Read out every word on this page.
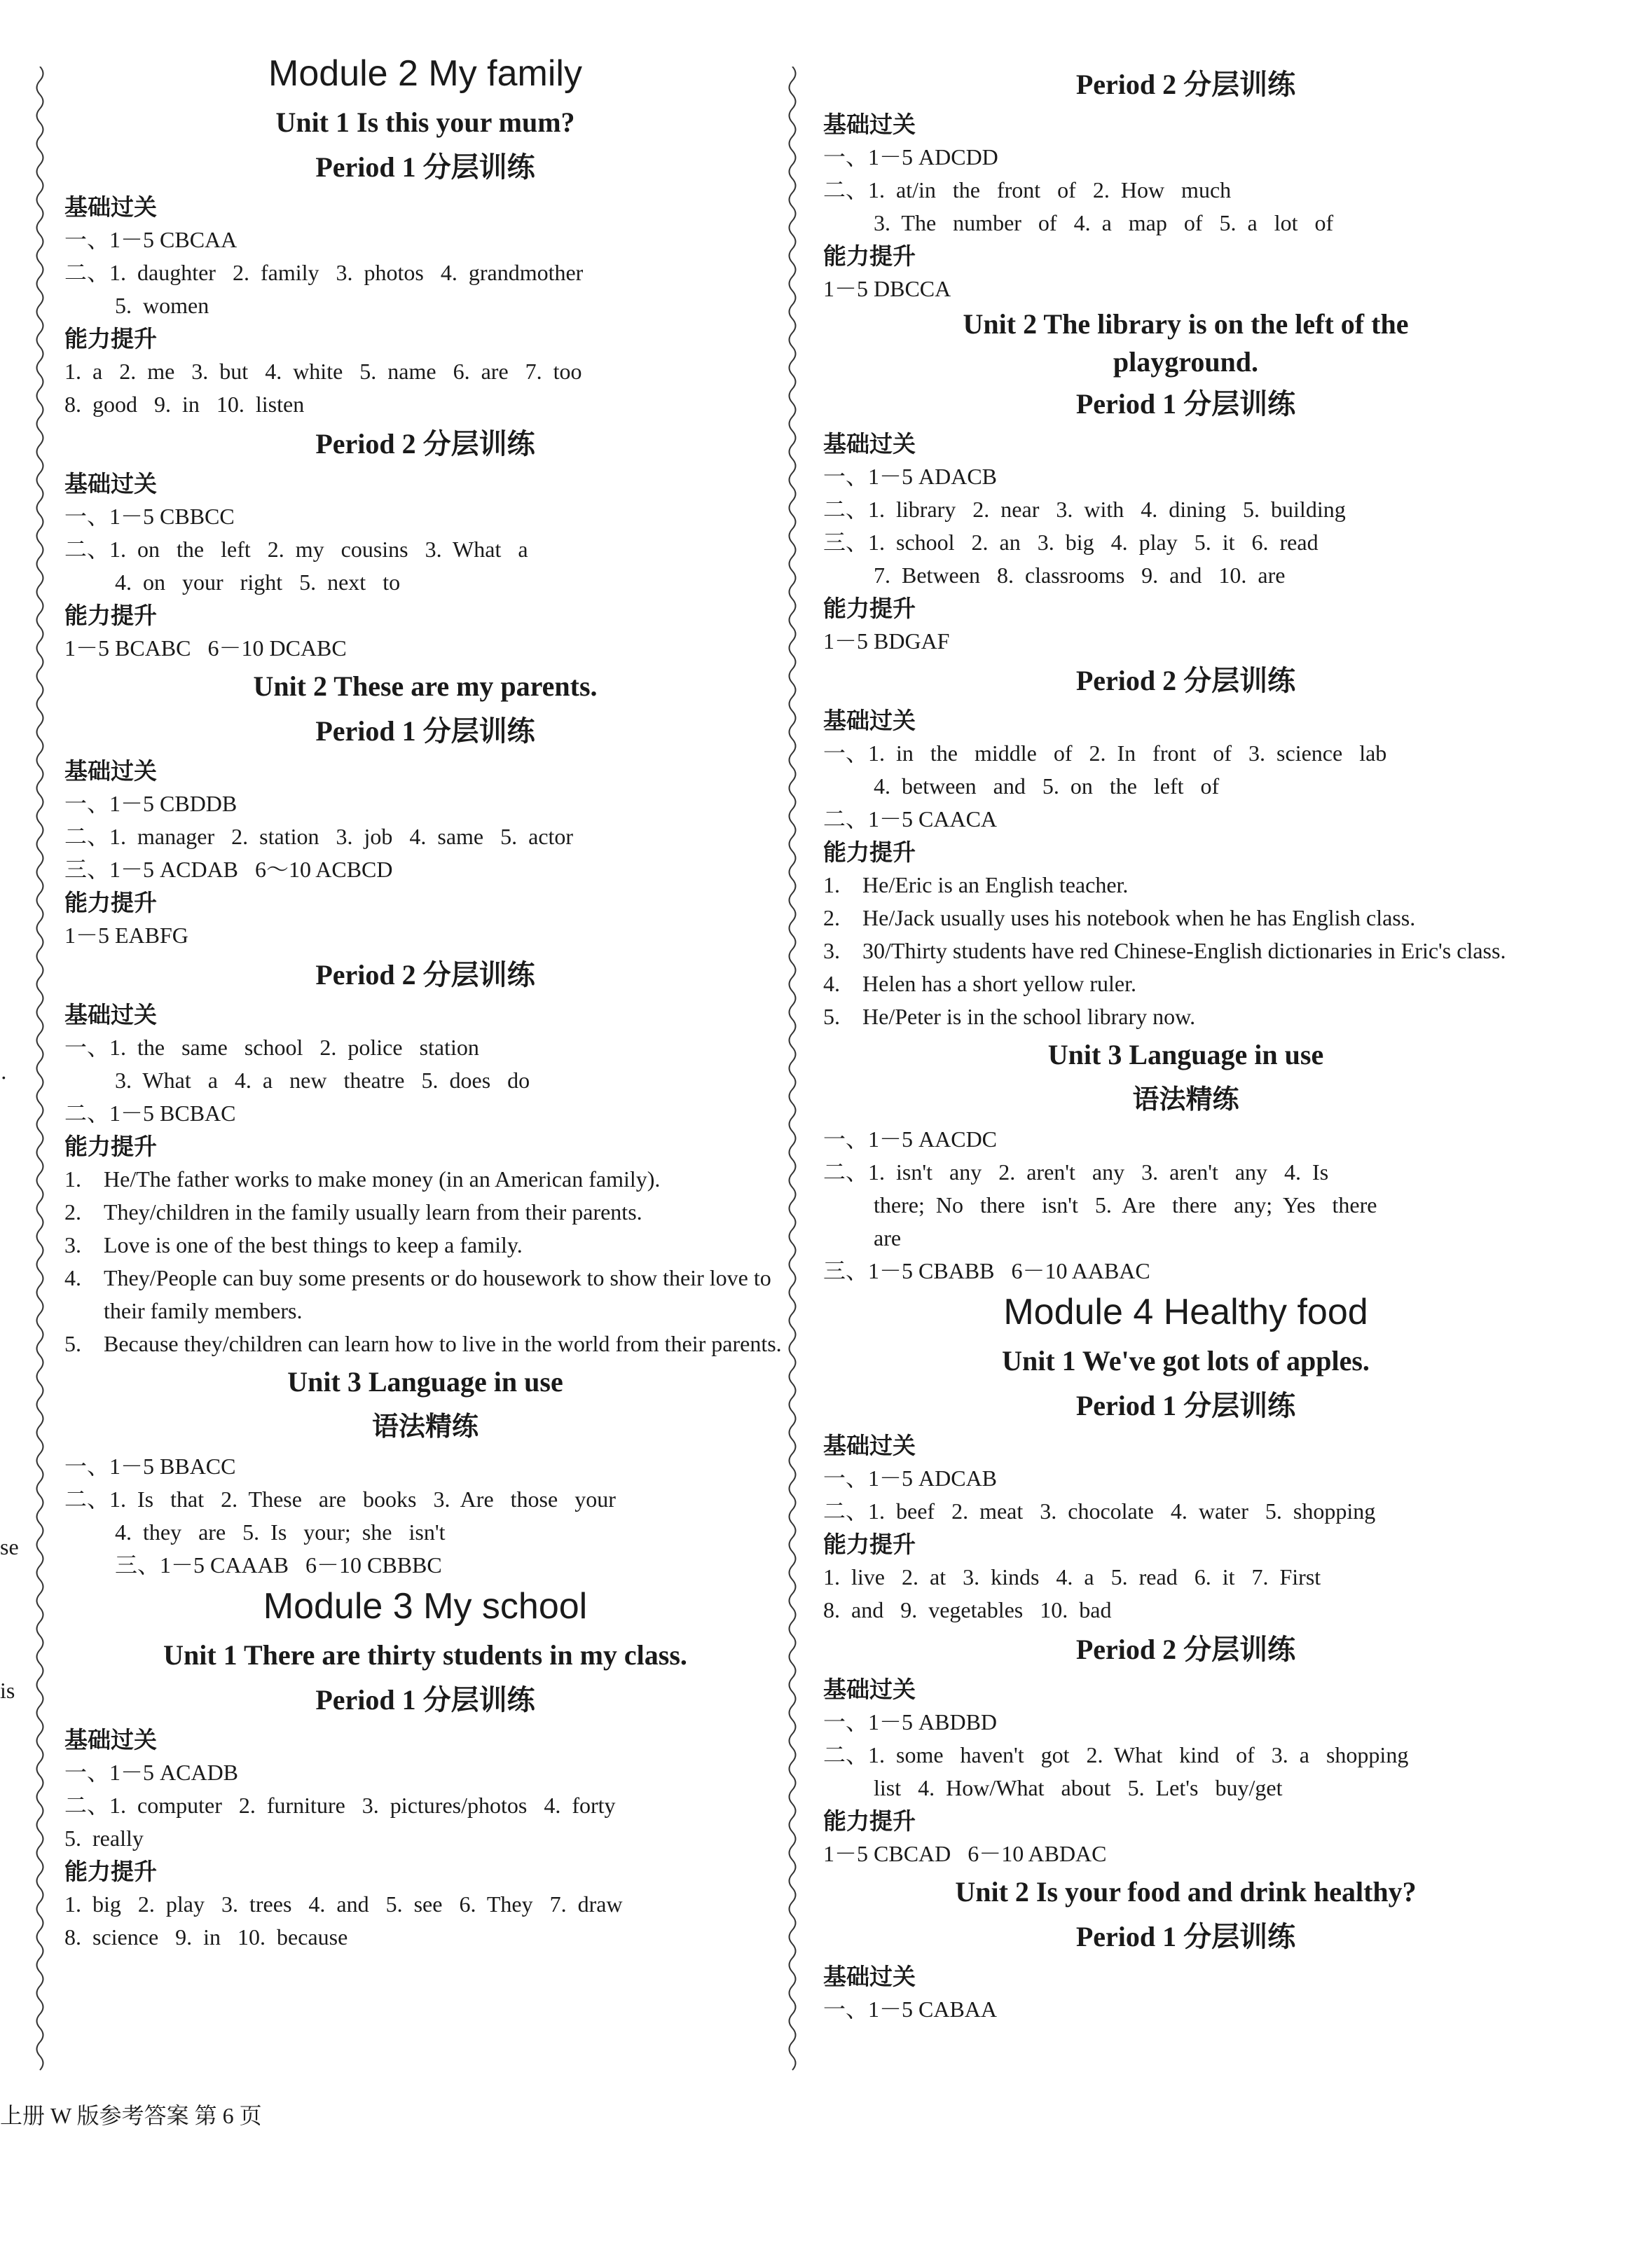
·
se
is
Module 2 My family
Unit 1 Is this your mum?
Period 1 分层训练
基础过关
一、1－5 CBCAA
二、1.  daughter   2.  family   3.  photos   4.  grandmother
5.  women
能力提升
1.  a   2.  me   3.  but   4.  white   5.  name   6.  are   7.  too
8.  good   9.  in   10.  listen
Period 2 分层训练
基础过关
一、1－5 CBBCC
二、1.  on   the   left   2.  my   cousins   3.  What   a
4.  on   your   right   5.  next   to
能力提升
1－5 BCABC   6－10 DCABC
Unit 2 These are my parents.
Period 1 分层训练
基础过关
一、1－5 CBDDB
二、1.  manager   2.  station   3.  job   4.  same   5.  actor
三、1－5 ACDAB   6～10 ACBCD
能力提升
1－5 EABFG
Period 2 分层训练
基础过关
一、1.  the   same   school   2.  police   station
3.  What   a   4.  a   new   theatre   5.  does   do
二、1－5 BCBAC
能力提升
1.	He/The father works to make money (in an American family).
2.	They/children in the family usually learn from their parents.
3.	Love is one of the best things to keep a family.
4.	They/People can buy some presents or do housework to show their love to their family members.
5.	Because they/children can learn how to live in the world from their parents.
Unit 3 Language in use
语法精练
一、1－5 BBACC
二、1.  Is   that   2.  These   are   books   3.  Are   those   your
4.  they   are   5.  Is   your;  she   isn't
三、1－5 CAAAB   6－10 CBBBC
Module 3 My school
Unit 1 There are thirty students in my class.
Period 1 分层训练
基础过关
一、1－5 ACADB
二、1.  computer   2.  furniture   3.  pictures/photos   4.  forty
5.  really
能力提升
1.  big   2.  play   3.  trees   4.  and   5.  see   6.  They   7.  draw
8.  science   9.  in   10.  because
Period 2 分层训练
基础过关
一、1－5 ADCDD
二、1.  at/in   the   front   of   2.  How   much
3.  The   number   of   4.  a   map   of   5.  a   lot   of
能力提升
1－5 DBCCA
Unit 2 The library is on the left of the
playground.
Period 1 分层训练
基础过关
一、1－5 ADACB
二、1.  library   2.  near   3.  with   4.  dining   5.  building
三、1.  school   2.  an   3.  big   4.  play   5.  it   6.  read
7.  Between   8.  classrooms   9.  and   10.  are
能力提升
1－5 BDGAF
Period 2 分层训练
基础过关
一、1.  in   the   middle   of   2.  In   front   of   3.  science   lab
4.  between   and   5.  on   the   left   of
二、1－5 CAACA
能力提升
1.	He/Eric is an English teacher.
2.	He/Jack usually uses his notebook when he has English class.
3.	30/Thirty students have red Chinese-English dictionaries in Eric's class.
4.	Helen has a short yellow ruler.
5.	He/Peter is in the school library now.
Unit 3 Language in use
语法精练
一、1－5 AACDC
二、1.  isn't   any   2.  aren't   any   3.  aren't   any   4.  Is
there;  No   there   isn't   5.  Are   there   any;  Yes   there
are
三、1－5 CBABB   6－10 AABAC
Module 4 Healthy food
Unit 1 We've got lots of apples.
Period 1 分层训练
基础过关
一、1－5 ADCAB
二、1.  beef   2.  meat   3.  chocolate   4.  water   5.  shopping
能力提升
1.  live   2.  at   3.  kinds   4.  a   5.  read   6.  it   7.  First
8.  and   9.  vegetables   10.  bad
Period 2 分层训练
基础过关
一、1－5 ABDBD
二、1.  some   haven't   got   2.  What   kind   of   3.  a   shopping
list   4.  How/What   about   5.  Let's   buy/get
能力提升
1－5 CBCAD   6－10 ABDAC
Unit 2 Is your food and drink healthy?
Period 1 分层训练
基础过关
一、1－5 CABAA
上册 W 版参考答案 第 6 页
